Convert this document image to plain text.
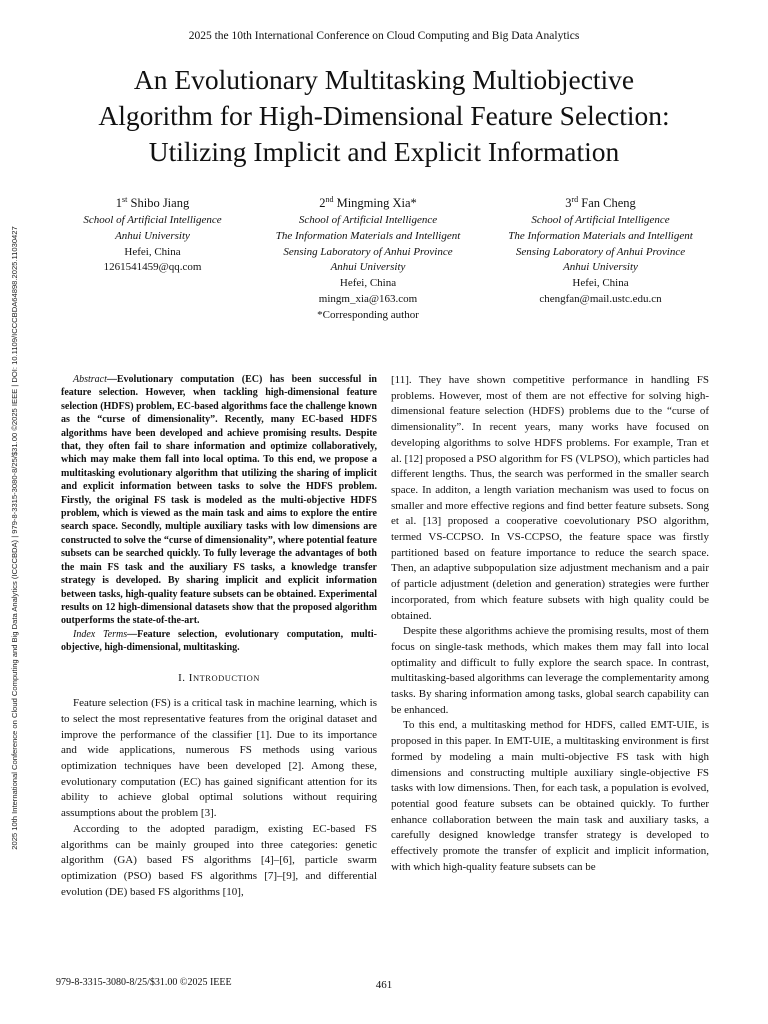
2025 the 10th International Conference on Cloud Computing and Big Data Analytics
An Evolutionary Multitasking Multiobjective
Algorithm for High-Dimensional Feature Selection:
Utilizing Implicit and Explicit Information
1st Shibo Jiang
School of Artificial Intelligence
Anhui University
Hefei, China
1261541459@qq.com
2nd Mingming Xia*
School of Artificial Intelligence
The Information Materials and Intelligent
Sensing Laboratory of Anhui Province
Anhui University
Hefei, China
mingm_xia@163.com
*Corresponding author
3rd Fan Cheng
School of Artificial Intelligence
The Information Materials and Intelligent
Sensing Laboratory of Anhui Province
Anhui University
Hefei, China
chengfan@mail.ustc.edu.cn
2025 10th International Conference on Cloud Computing and Big Data Analytics (ICCCBDA) | 979-8-3315-3080-8/25/$31.00 ©2025 IEEE | DOI: 10.1109/ICCCBDA64898.2025.11030427	Abstract—Evolutionary computation (EC) has been successful in feature selection. However, when tackling high-dimensional feature selection (HDFS) problem, EC-based algorithms face the challenge known as the “curse of dimensionality”. Recently, many EC-based HDFS algorithms have been developed and achieve promising results. Despite that, they often fail to share information and optimize collaboratively, which may make them fall into local optima. To this end, we propose a multitasking evolutionary algorithm that utilizing the sharing of implicit and explicit information between tasks to solve the HDFS problem. Firstly, the original FS task is modeled as the multi-objective HDFS problem, which is viewed as the main task and aims to explore the entire search space. Secondly, multiple auxiliary tasks with low dimensions are constructed to solve the “curse of dimensionality”, where potential feature subsets can be searched quickly. To fully leverage the advantages of both the main FS task and the auxiliary FS tasks, a knowledge transfer strategy is developed. By sharing implicit and explicit information between tasks, high-quality feature subsets can be obtained. Experimental results on 12 high-dimensional datasets show that the proposed algorithm outperforms the state-of-the-art.

Index Terms—Feature selection, evolutionary computation, multi-objective, high-dimensional, multitasking.

I. INTRODUCTION

Feature selection (FS) is a critical task in machine learning, which is to select the most representative features from the original dataset and improve the performance of the classifier [1]. Due to its importance and wide applications, numerous FS methods using various optimization techniques have been developed [2]. Among these, evolutionary computation (EC) has gained significant attention for its ability to achieve global optimal solutions without requiring assumptions about the problem [3].

According to the adopted paradigm, existing EC-based FS algorithms can be mainly grouped into three categories: genetic algorithm (GA) based FS algorithms [4]–[6], particle swarm optimization (PSO) based FS algorithms [7]–[9], and differential evolution (DE) based FS algorithms [10],

[11]. They have shown competitive performance in handling FS problems. However, most of them are not effective for solving high-dimensional feature selection (HDFS) problems due to the “curse of dimensionality”. In recent years, many works have focused on developing algorithms to solve HDFS problems. For example, Tran et al. [12] proposed a PSO algorithm for FS (VLPSO), which particles had different lengths. Thus, the search was performed in the smaller search space. In additon, a length variation mechanism was used to focus on smaller and more effective regions and find better feature subsets. Song et al. [13] proposed a cooperative coevolutionary PSO algorithm, termed VS-CCPSO. In VS-CCPSO, the feature space was firstly partitioned based on feature importance to reduce the search space. Then, an adaptive subpopulation size adjustment mechanism and a pair of particle adjustment (deletion and generation) strategies were further incorporated, from which feature subsets with high quality could be obtained.

Despite these algorithms achieve the promising results, most of them focus on single-task methods, which makes them may fall into local optimality and difficult to fully explore the search space. In contrast, multitasking-based algorithms can leverage the complementarity among tasks. By sharing information among tasks, global search capability can be enhanced.

To this end, a multitasking method for HDFS, called EMT-UIE, is proposed in this paper. In EMT-UIE, a multitasking environment is first formed by modeling a main multi-objective FS task with high dimensions and constructing multiple auxiliary single-objective FS tasks with low dimensions. Then, for each task, a population is evolved, potential good feature subsets can be obtained quickly. To further enhance collaboration between the main task and auxiliary tasks, a carefully designed knowledge transfer strategy is developed to effectively promote the transfer of explicit and implicit information, with which high-quality feature subsets can be

979-8-3315-3080-8/25/$31.00 ©2025 IEEE	461
